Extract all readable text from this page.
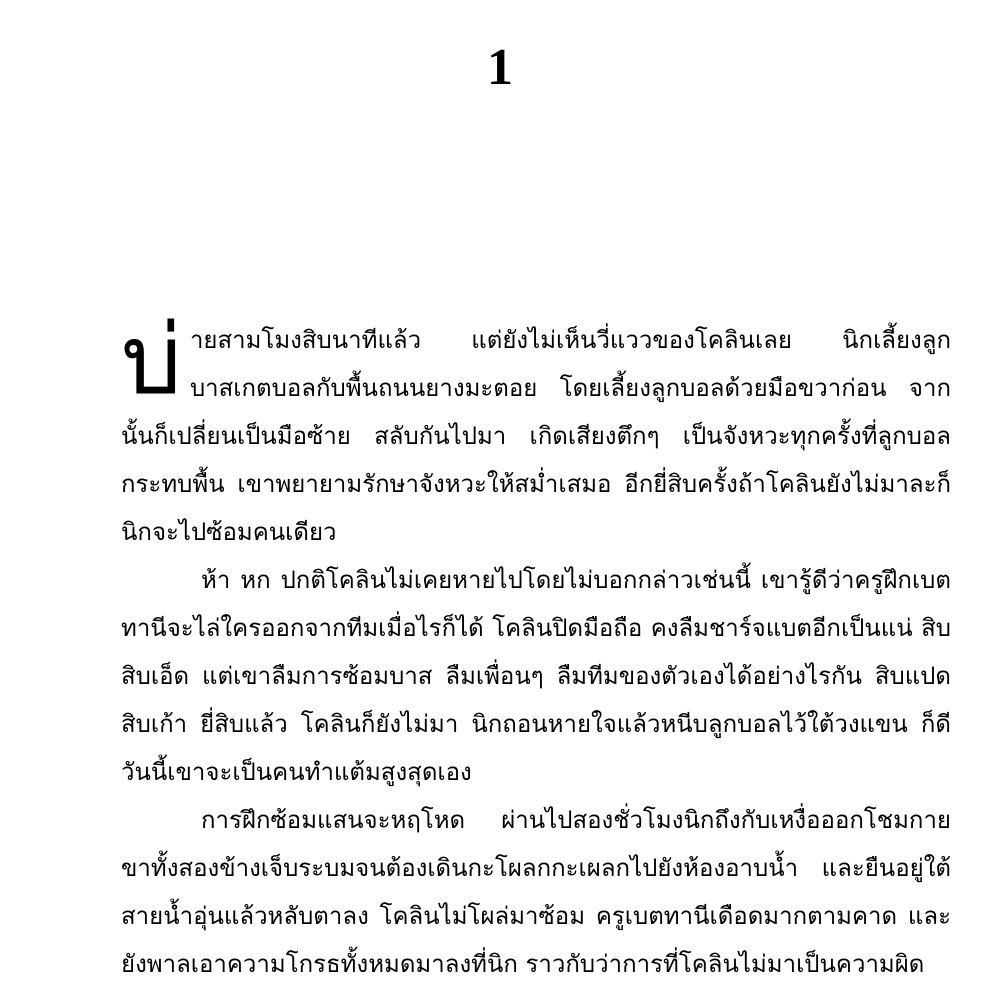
1

บ่ายสามโมงสิบนาทีแล้ว แต่ยังไม่เห็นวี่แววของโคลินเลย นิกเลี้ยงลูกบาสเกตบอลกับพื้นถนนยางมะตอย โดยเลี้ยงลูกบอลด้วยมือขวาก่อน จากนั้นก็เปลี่ยนเป็นมือซ้าย สลับกันไปมา เกิดเสียงตึกๆ เป็นจังหวะทุกครั้งที่ลูกบอลกระทบพื้น เขาพยายามรักษาจังหวะให้สม่ำเสมอ อีกยี่สิบครั้งถ้าโคลินยังไม่มาละก็นิกจะไปซ้อมคนเดียว

ห้า หก ปกติโคลินไม่เคยหายไปโดยไม่บอกกล่าวเช่นนี้ เขารู้ดีว่าครูฝึกเบตทานีจะไล่ใครออกจากทีมเมื่อไรก็ได้ โคลินปิดมือถือ คงลืมชาร์จแบตอีกเป็นแน่ สิบ สิบเอ็ด แต่เขาลืมการซ้อมบาส ลืมเพื่อนๆ ลืมทีมของตัวเองได้อย่างไรกัน สิบแปด สิบเก้า ยี่สิบแล้ว โคลินก็ยังไม่มา นิกถอนหายใจแล้วหนีบลูกบอลไว้ใต้วงแขน ก็ดี วันนี้เขาจะเป็นคนทำแต้มสูงสุดเอง

การฝึกซ้อมแสนจะหฤโหด ผ่านไปสองชั่วโมงนิกถึงกับเหงื่อออกโชมกาย ขาทั้งสองข้างเจ็บระบมจนต้องเดินกะโผลกกะเผลกไปยังห้องอาบน้ำ และยืนอยู่ใต้สายน้ำอุ่นแล้วหลับตาลง โคลินไม่โผล่มาซ้อม ครูเบตทานีเดือดมากตามคาด และยังพาลเอาความโกรธทั้งหมดมาลงที่นิก ราวกับว่าการที่โคลินไม่มาเป็นความผิด
